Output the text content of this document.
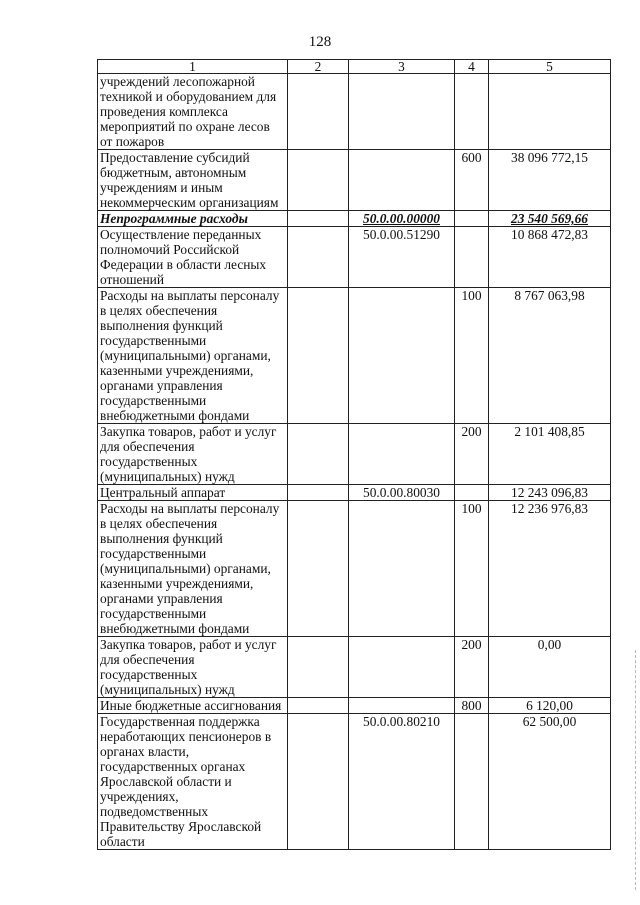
128
1	2	3	4	5
учреждений лесопожарной техникой и оборудованием для проведения комплекса мероприятий по охране лесов от пожаров				
Предоставление субсидий бюджетным, автономным учреждениям и иным некоммерческим организациям			600	38 096 772,15
Непрограммные расходы		50.0.00.00000		23 540 569,66
Осуществление переданных полномочий Российской Федерации в области лесных отношений		50.0.00.51290		10 868 472,83
Расходы на выплаты персоналу в целях обеспечения выполнения функций государственными (муниципальными) органами, казенными учреждениями, органами управления государственными внебюджетными фондами			100	8 767 063,98
Закупка товаров, работ и услуг для обеспечения государственных (муниципальных) нужд			200	2 101 408,85
Центральный аппарат		50.0.00.80030		12 243 096,83
Расходы на выплаты персоналу в целях обеспечения выполнения функций государственными (муниципальными) органами, казенными учреждениями, органами управления государственными внебюджетными фондами			100	12 236 976,83
Закупка товаров, работ и услуг для обеспечения государственных (муниципальных) нужд			200	0,00
Иные бюджетные ассигнования			800	6 120,00
Государственная поддержка неработающих пенсионеров в органах власти, государственных органах Ярославской области и учреждениях, подведомственных Правительству Ярославской области		50.0.00.80210		62 500,00
